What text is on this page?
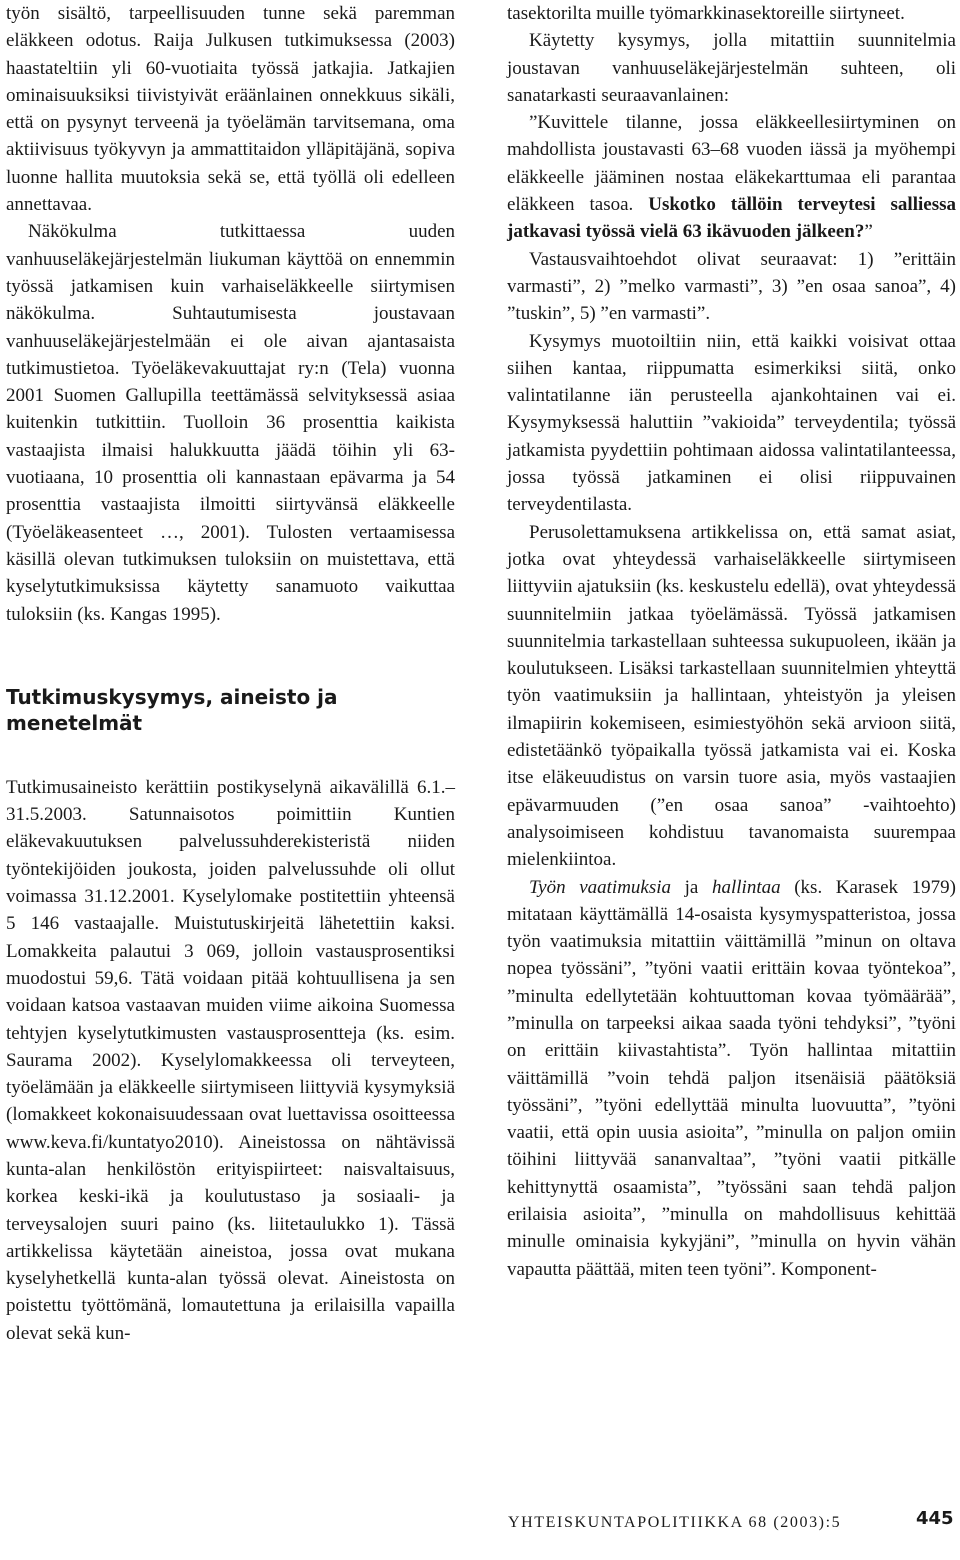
työn sisältö, tarpeellisuuden tunne sekä paremman eläkkeen odotus. Raija Julkusen tutkimuksessa (2003) haastateltiin yli 60-vuotiaita työssä jatkajia. Jatkajien ominaisuuksiksi tiivistyivät eräänlainen onnekkuus sikäli, että on pysynyt terveenä ja työelämän tarvitsemana, oma aktiivisuus työkyvyn ja ammattitaidon ylläpitäjänä, sopiva luonne hallita muutoksia sekä se, että työllä oli edelleen annettavaa.

Näkökulma tutkittaessa uuden vanhuuseläkejärjestelmän liukuman käyttöä on ennemmin työssä jatkamisen kuin varhaiseläkkeelle siirtymisen näkökulma. Suhtautumisesta joustavaan vanhuuseläkejärjestelmään ei ole aivan ajantasaista tutkimustietoa. Työeläkevakuuttajat ry:n (Tela) vuonna 2001 Suomen Gallupilla teettämässä selvityksessä asiaa kuitenkin tutkittiin. Tuolloin 36 prosenttia kaikista vastaajista ilmaisi halukkuutta jäädä töihin yli 63-vuotiaana, 10 prosenttia oli kannastaan epävarma ja 54 prosenttia vastaajista ilmoitti siirtyvänsä eläkkeelle (Työeläkeasenteet …, 2001). Tulosten vertaamisessa käsillä olevan tutkimuksen tuloksiin on muistettava, että kyselytutkimuksissa käytetty sanamuoto vaikuttaa tuloksiin (ks. Kangas 1995).

Tutkimuskysymys, aineisto ja menetelmät

Tutkimusaineisto kerättiin postikyselynä aikavälillä 6.1.–31.5.2003. Satunnaisotos poimittiin Kuntien eläkevakuutuksen palvelussuhderekisteristä niiden työntekijöiden joukosta, joiden palvelussuhde oli ollut voimassa 31.12.2001. Kyselylomake postitettiin yhteensä 5 146 vastaajalle. Muistutuskirjeitä lähetettiin kaksi. Lomakkeita palautui 3 069, jolloin vastausprosentiksi muodostui 59,6. Tätä voidaan pitää kohtuullisena ja sen voidaan katsoa vastaavan muiden viime aikoina Suomessa tehtyjen kyselytutkimusten vastausprosentteja (ks. esim. Saurama 2002). Kyselylomakkeessa oli terveyteen, työelämään ja eläkkeelle siirtymiseen liittyviä kysymyksiä (lomakkeet kokonaisuudessaan ovat luettavissa osoitteessa www.keva.fi/kuntatyo2010). Aineistossa on nähtävissä kunta-alan henkilöstön erityispiirteet: naisvaltaisuus, korkea keski-ikä ja koulutustaso ja sosiaali- ja terveysalojen suuri paino (ks. liitetaulukko 1). Tässä artikkelissa käytetään aineistoa, jossa ovat mukana kyselyhetkellä kunta-alan työssä olevat. Aineistosta on poistettu työttömänä, lomautettuna ja erilaisilla vapailla olevat sekä kun-

tasektorilta muille työmarkkinasektoreille siirtyneet.

Käytetty kysymys, jolla mitattiin suunnitelmia joustavan vanhuuseläkejärjestelmän suhteen, oli sanatarkasti seuraavanlainen:

”Kuvittele tilanne, jossa eläkkeellesiirtyminen on mahdollista joustavasti 63–68 vuoden iässä ja myöhempi eläkkeelle jääminen nostaa eläkekarttumaa eli parantaa eläkkeen tasoa. Uskotko tällöin terveytesi salliessa jatkavasi työssä vielä 63 ikävuoden jälkeen?”

Vastausvaihtoehdot olivat seuraavat: 1) ”erittäin varmasti”, 2) ”melko varmasti”, 3) ”en osaa sanoa”, 4) ”tuskin”, 5) ”en varmasti”.

Kysymys muotoiltiin niin, että kaikki voisivat ottaa siihen kantaa, riippumatta esimerkiksi siitä, onko valintatilanne iän perusteella ajankohtainen vai ei. Kysymyksessä haluttiin ”vakioida” terveydentila; työssä jatkamista pyydettiin pohtimaan aidossa valintatilanteessa, jossa työssä jatkaminen ei olisi riippuvainen terveydentilasta.

Perusolettamuksena artikkelissa on, että samat asiat, jotka ovat yhteydessä varhaiseläkkeelle siirtymiseen liittyviin ajatuksiin (ks. keskustelu edellä), ovat yhteydessä suunnitelmiin jatkaa työelämässä. Työssä jatkamisen suunnitelmia tarkastellaan suhteessa sukupuoleen, ikään ja koulutukseen. Lisäksi tarkastellaan suunnitelmien yhteyttä työn vaatimuksiin ja hallintaan, yhteistyön ja yleisen ilmapiirin kokemiseen, esimiestyöhön sekä arvioon siitä, edistetäänkö työpaikalla työssä jatkamista vai ei. Koska itse eläkeuudistus on varsin tuore asia, myös vastaajien epävarmuuden (”en osaa sanoa” -vaihtoehto) analysoimiseen kohdistuu tavanomaista suurempaa mielenkiintoa.

Työn vaatimuksia ja hallintaa (ks. Karasek 1979) mitataan käyttämällä 14-osaista kysymyspatteristoa, jossa työn vaatimuksia mitattiin väittämillä ”minun on oltava nopea työssäni”, ”työni vaatii erittäin kovaa työntekoa”, ”minulta edellytetään kohtuuttoman kovaa työmäärää”, ”minulla on tarpeeksi aikaa saada työni tehdyksi”, ”työni on erittäin kiivastahtista”. Työn hallintaa mitattiin väittämillä ”voin tehdä paljon itsenäisiä päätöksiä työssäni”, ”työni edellyttää minulta luovuutta”, ”työni vaatii, että opin uusia asioita”, ”minulla on paljon omiin töihini liittyvää sananvaltaa”, ”työni vaatii pitkälle kehittynyttä osaamista”, ”työssäni saan tehdä paljon erilaisia asioita”, ”minulla on mahdollisuus kehittää minulle ominaisia kykyjäni”, ”minulla on hyvin vähän vapautta päättää, miten teen työni”. Komponent-

YHTEISKUNTAPOLITIIKKA 68 (2003):5	445
